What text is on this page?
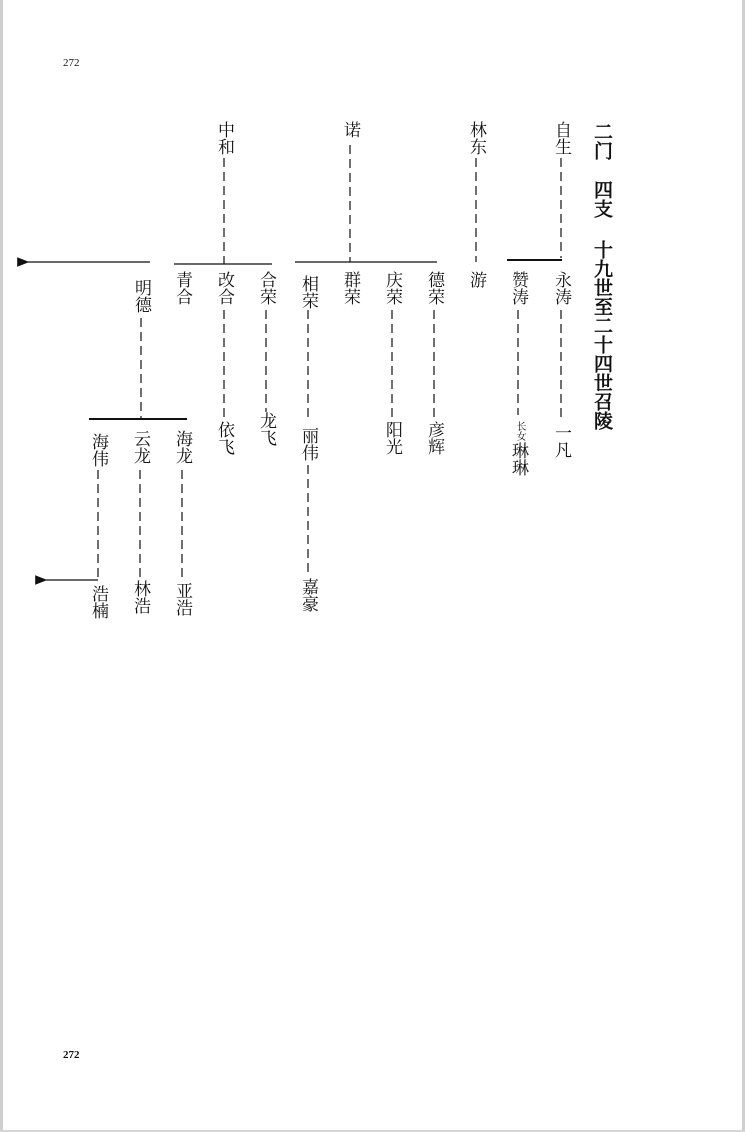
272
272
二门
四支
十九世至二十四世召陵
自生
永涛
一凡
赞涛
长女
琳琳
林东
游
诺
德荣
彦辉
庆荣
阳光
群荣
相荣
丽伟
嘉豪
中和
合荣
龙飞
改合
依飞
青合
明德
海龙
亚浩
云龙
林浩
海伟
浩楠
